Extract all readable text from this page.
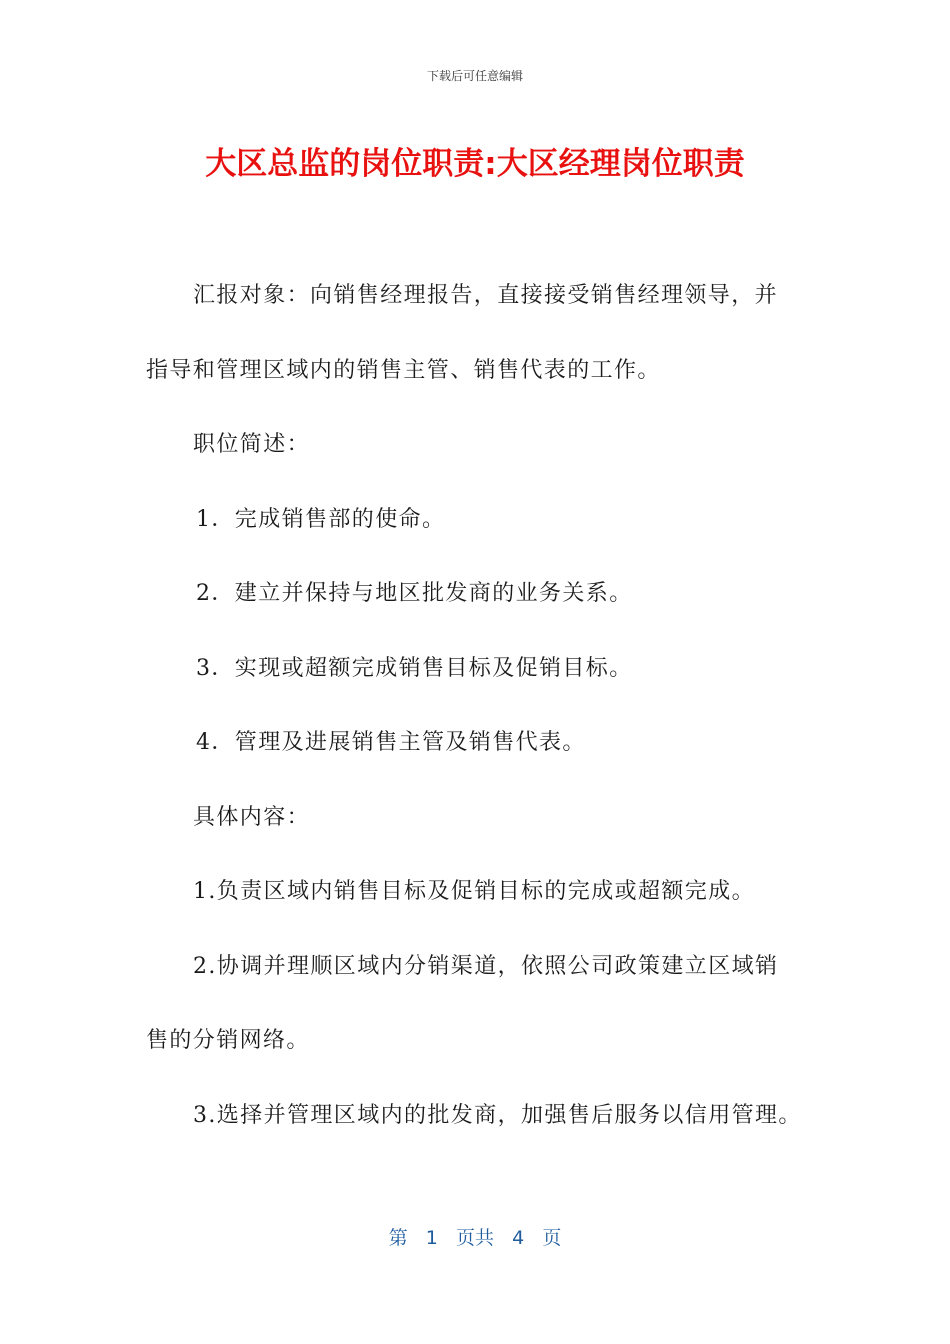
下载后可任意编辑
大区总监的岗位职责:大区经理岗位职责

汇报对象：向销售经理报告，直接接受销售经理领导，并

指导和管理区域内的销售主管、销售代表的工作。

职位简述：

1．完成销售部的使命。

2．建立并保持与地区批发商的业务关系。

3．实现或超额完成销售目标及促销目标。

4．管理及进展销售主管及销售代表。

具体内容：

1.负责区域内销售目标及促销目标的完成或超额完成。

2.协调并理顺区域内分销渠道，依照公司政策建立区域销

售的分销网络。

3.选择并管理区域内的批发商，加强售后服务以信用管理。

第 1 页共 4 页
